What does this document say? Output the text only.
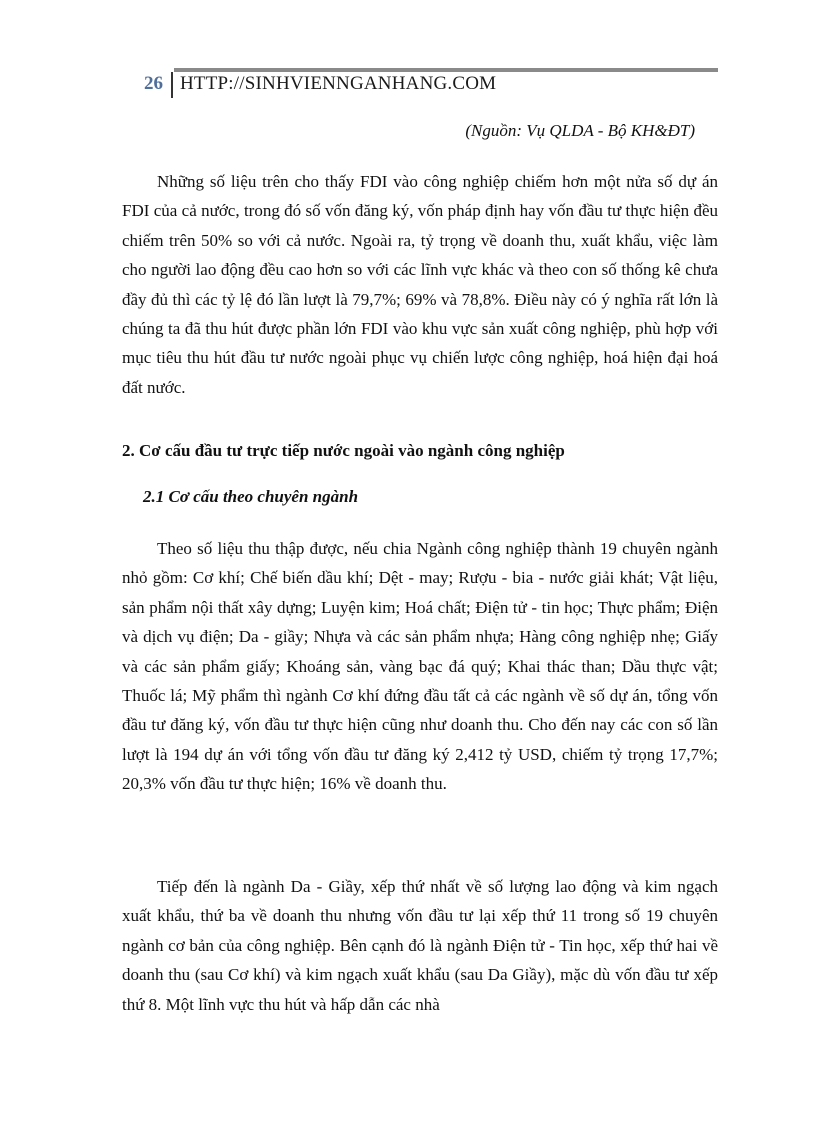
26 HTTP://SINHVIENNGANHANG.COM
(Nguồn: Vụ QLDA - Bộ KH&ĐT)

Những số liệu trên cho thấy FDI vào công nghiệp chiếm hơn một nửa số dự án FDI của cả nước, trong đó số vốn đăng ký, vốn pháp định hay vốn đầu tư thực hiện đều chiếm trên 50% so với cả nước. Ngoài ra, tỷ trọng về doanh thu, xuất khẩu, việc làm cho người lao động đều cao hơn so với các lĩnh vực khác và theo con số thống kê chưa đầy đủ thì các tỷ lệ đó lần lượt là 79,7%; 69% và 78,8%. Điều này có ý nghĩa rất lớn là chúng ta đã thu hút được phần lớn FDI vào khu vực sản xuất công nghiệp, phù hợp với mục tiêu thu hút đầu tư nước ngoài phục vụ chiến lược công nghiệp, hoá hiện đại hoá đất nước.

2. Cơ cấu đầu tư trực tiếp nước ngoài vào ngành công nghiệp
2.1 Cơ cấu theo chuyên ngành

Theo số liệu thu thập được, nếu chia Ngành công nghiệp thành 19 chuyên ngành nhỏ gồm: Cơ khí; Chế biến dầu khí; Dệt - may; Rượu - bia - nước giải khát; Vật liệu, sản phẩm nội thất xây dựng; Luyện kim; Hoá chất; Điện tử - tin học; Thực phẩm; Điện và dịch vụ điện; Da - giầy; Nhựa và các sản phẩm nhựa; Hàng công nghiệp nhẹ; Giấy và các sản phẩm giấy; Khoáng sản, vàng bạc đá quý; Khai thác than; Dầu thực vật; Thuốc lá; Mỹ phẩm thì ngành Cơ khí đứng đầu tất cả các ngành về số dự án, tổng vốn đầu tư đăng ký, vốn đầu tư thực hiện cũng như doanh thu. Cho đến nay các con số lần lượt là 194 dự án với tổng vốn đầu tư đăng ký 2,412 tỷ USD, chiếm tỷ trọng 17,7%; 20,3% vốn đầu tư thực hiện; 16% về doanh thu.

Tiếp đến là ngành Da - Giầy, xếp thứ nhất về số lượng lao động và kim ngạch xuất khẩu, thứ ba về doanh thu nhưng vốn đầu tư lại xếp thứ 11 trong số 19 chuyên ngành cơ bản của công nghiệp. Bên cạnh đó là ngành Điện tử - Tin học, xếp thứ hai về doanh thu (sau Cơ khí) và kim ngạch xuất khẩu (sau Da Giầy), mặc dù vốn đầu tư xếp thứ 8. Một lĩnh vực thu hút và hấp dẫn các nhà
